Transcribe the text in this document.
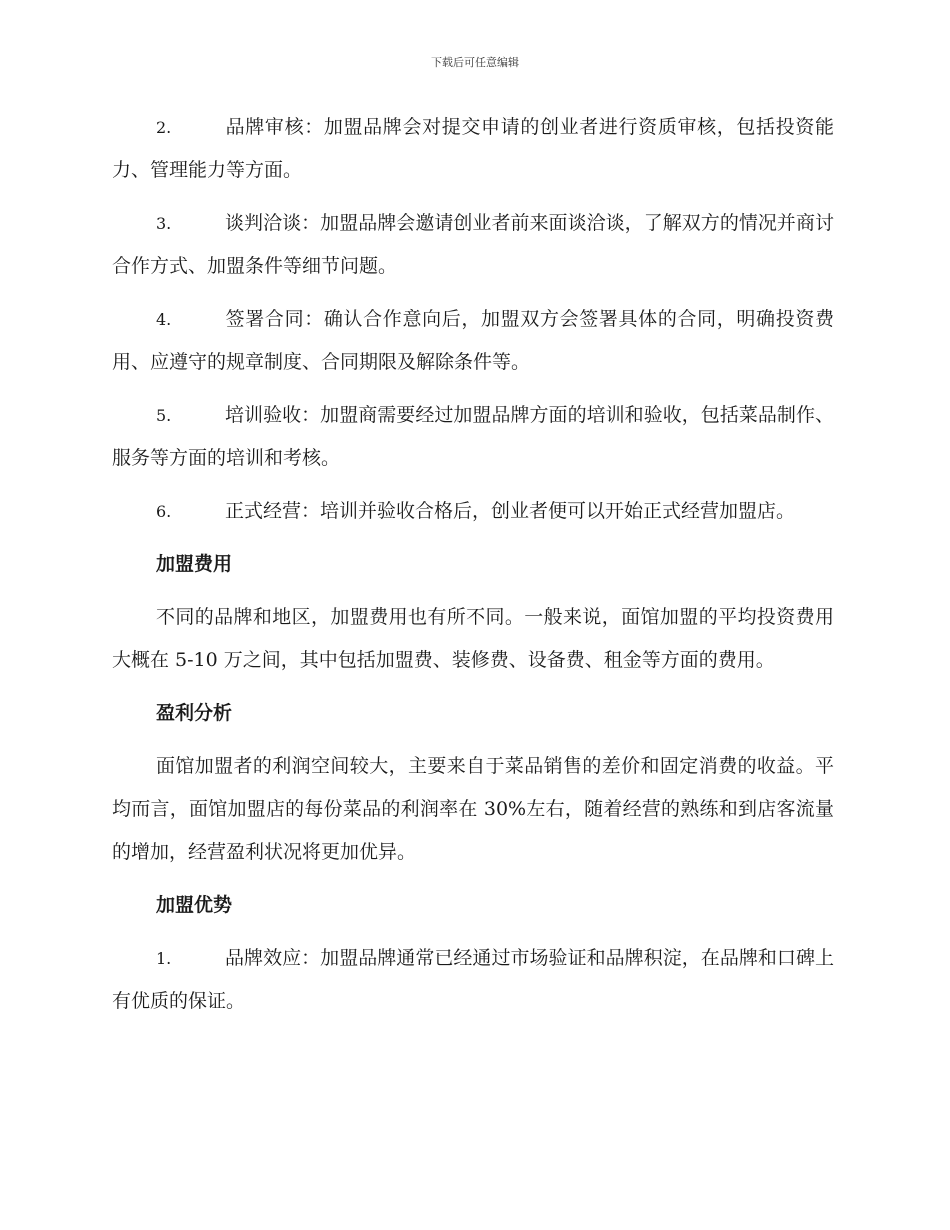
下载后可任意编辑

2.	品牌审核：加盟品牌会对提交申请的创业者进行资质审核，包括投资能力、管理能力等方面。

3.	谈判洽谈：加盟品牌会邀请创业者前来面谈洽谈，了解双方的情况并商讨合作方式、加盟条件等细节问题。

4.	签署合同：确认合作意向后，加盟双方会签署具体的合同，明确投资费用、应遵守的规章制度、合同期限及解除条件等。

5.	培训验收：加盟商需要经过加盟品牌方面的培训和验收，包括菜品制作、服务等方面的培训和考核。

6.	正式经营：培训并验收合格后，创业者便可以开始正式经营加盟店。

加盟费用

不同的品牌和地区，加盟费用也有所不同。一般来说，面馆加盟的平均投资费用大概在 5-10 万之间，其中包括加盟费、装修费、设备费、租金等方面的费用。

盈利分析

面馆加盟者的利润空间较大，主要来自于菜品销售的差价和固定消费的收益。平均而言，面馆加盟店的每份菜品的利润率在 30%左右，随着经营的熟练和到店客流量的增加，经营盈利状况将更加优异。

加盟优势

1.	品牌效应：加盟品牌通常已经通过市场验证和品牌积淀，在品牌和口碑上有优质的保证。
